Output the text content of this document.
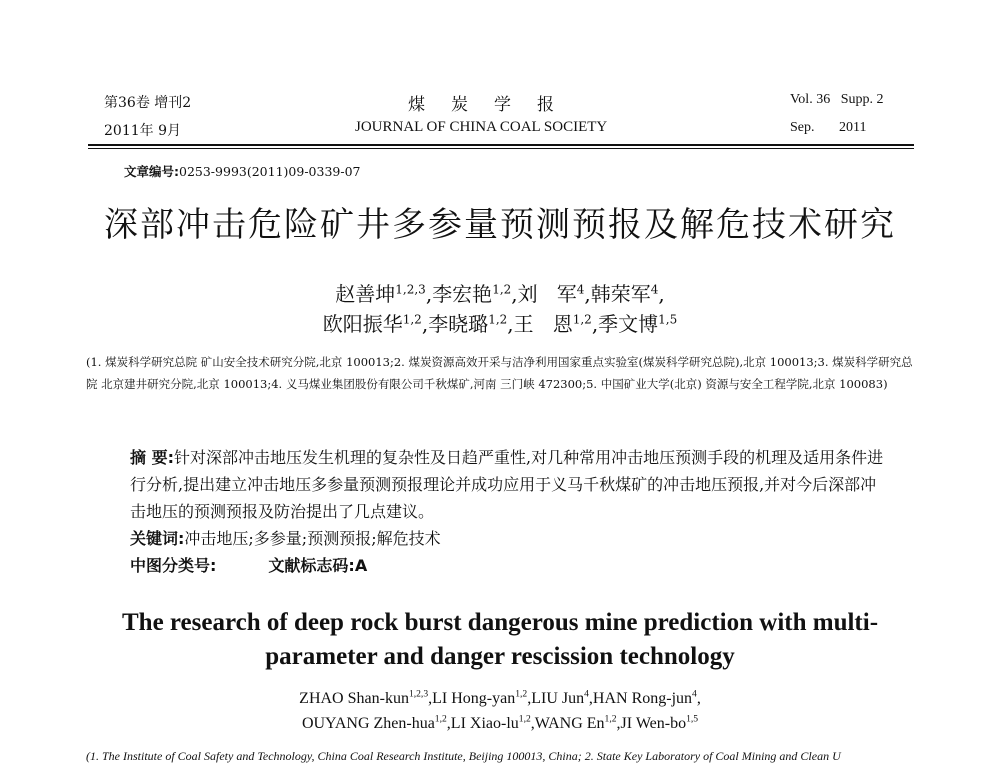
第36卷 增刊2
2011年 9月
煤炭学报
JOURNAL OF CHINA COAL SOCIETY
Vol. 36   Supp. 2
Sep.       2011
文章编号:0253-9993(2011)09-0339-07
深部冲击危险矿井多参量预测预报及解危技术研究
赵善坤$^{1,2,3}$,李宏艳$^{1,2}$,刘   军$^4$,韩荣军$^4$,
欧阳振华$^{1,2}$,李晓璐$^{1,2}$,王   恩$^{1,2}$,季文博$^{1,5}$
(1. 煤炭科学研究总院 矿山安全技术研究分院,北京 100013;2. 煤炭资源高效开采与洁净利用国家重点实验室(煤炭科学研究总院),北京 100013;3. 煤炭科学研究总院 北京建井研究分院,北京 100013;4. 义马煤业集团股份有限公司千秋煤矿,河南 三门峡 472300;5. 中国矿业大学(北京) 资源与安全工程学院,北京 100083)
摘 要:针对深部冲击地压发生机理的复杂性及日趋严重性,对几种常用冲击地压预测手段的机理及适用条件进行分析,提出建立冲击地压多参量预测预报理论并成功应用于义马千秋煤矿的冲击地压预报,并对今后深部冲击地压的预测预报及防治提出了几点建议。
关键词:冲击地压;多参量;预测预报;解危技术
中图分类号:	文献标志码:A
The research of deep rock burst dangerous mine prediction with multi-
parameter and danger rescission technology
ZHAO Shan-kun$^{1,2,3}$,LI Hong-yan$^{1,2}$,LIU Jun$^4$,HAN Rong-jun$^4$,
OUYANG Zhen-hua$^{1,2}$,LI Xiao-lu$^{1,2}$,WANG En$^{1,2}$,JI Wen-bo$^{1,5}$
(1. The Institute of Coal Safety and Technology, China Coal Research Institute, Beijing 100013, China; 2. State Key Laboratory of Coal Mining and Clean U
